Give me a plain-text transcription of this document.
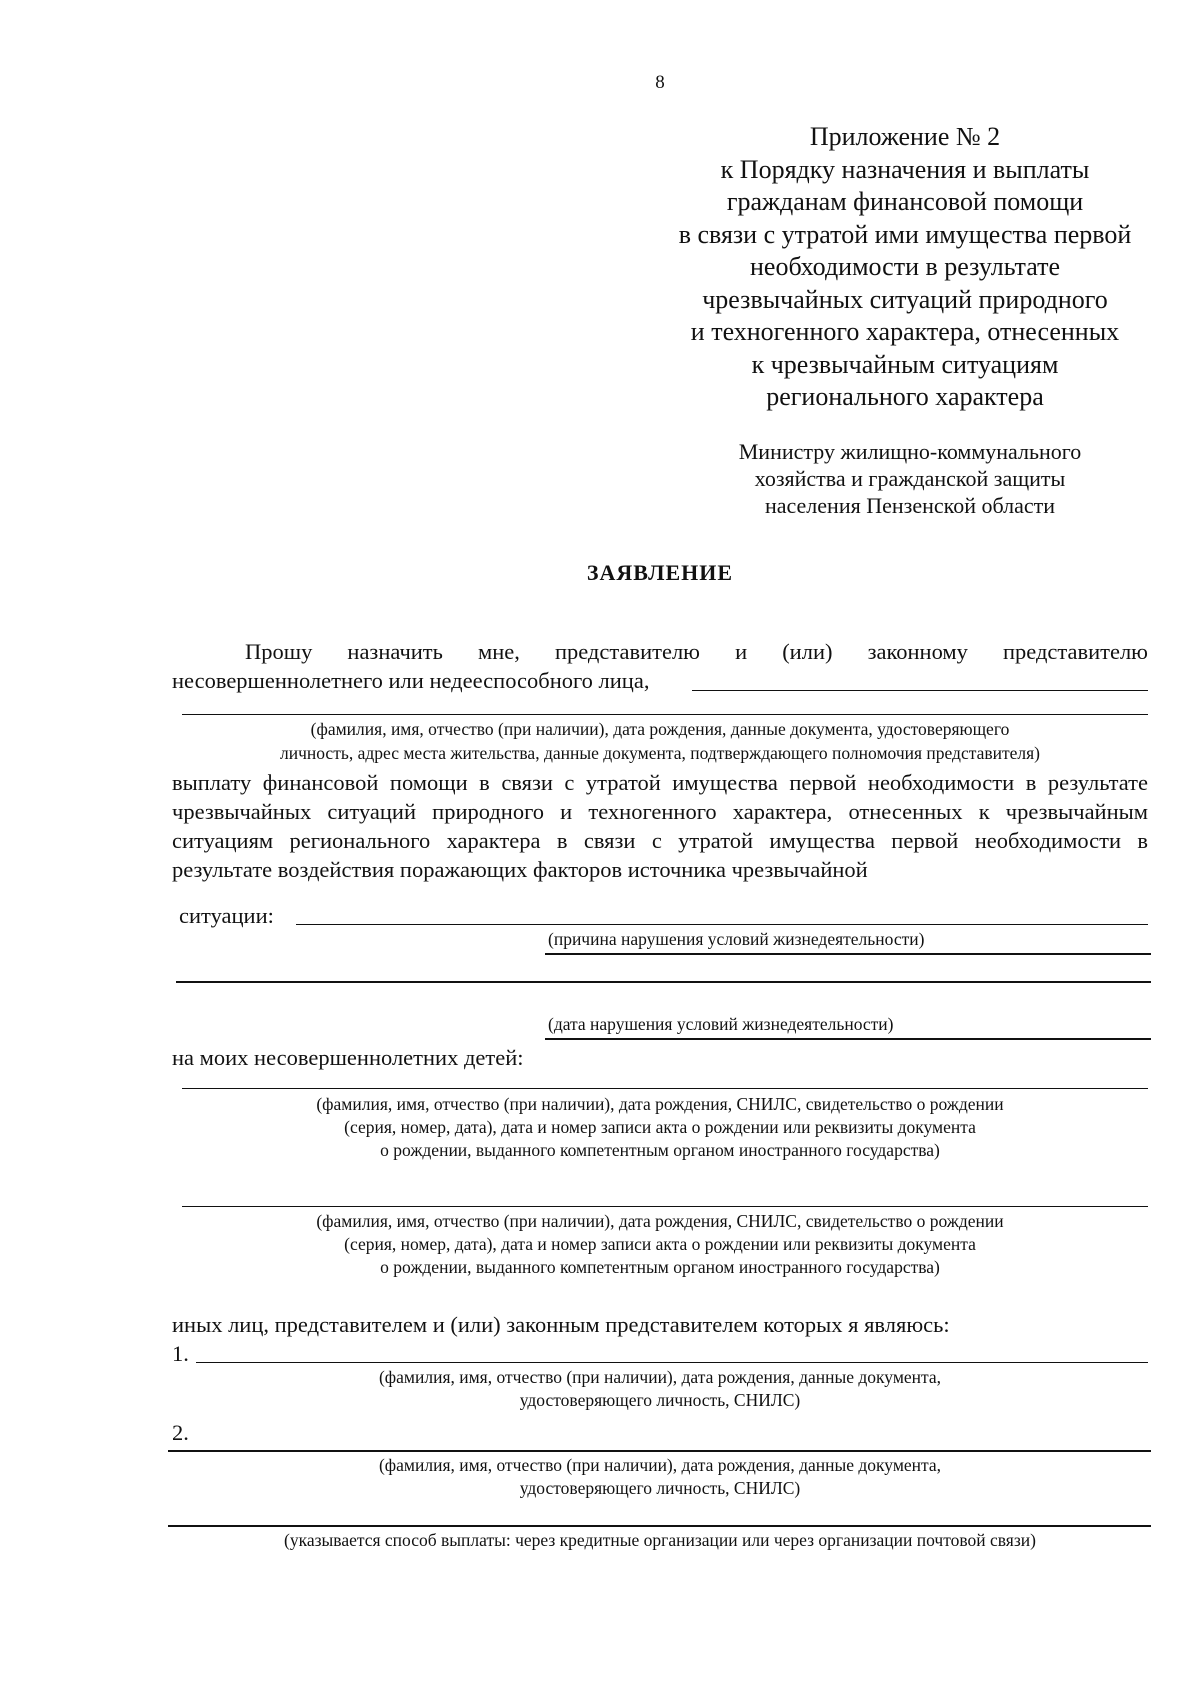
8
Приложение № 2
к Порядку назначения и выплаты
гражданам финансовой помощи
в связи с утратой ими имущества первой
необходимости в результате
чрезвычайных ситуаций природного
и техногенного характера, отнесенных
к чрезвычайным ситуациям
регионального характера
Министру жилищно-коммунального
хозяйства и гражданской защиты
населения Пензенской области
ЗАЯВЛЕНИЕ
Прошу назначить мне, представителю и (или) законному представителю
несовершеннолетнего или недееспособного лица,
(фамилия, имя, отчество (при наличии), дата рождения, данные документа, удостоверяющего
личность, адрес места жительства, данные документа, подтверждающего полномочия представителя)
выплату финансовой помощи в связи с утратой имущества первой необходимости в результате
чрезвычайных ситуаций природного и техногенного характера, отнесенных к чрезвычайным
ситуациям регионального характера в связи с утратой имущества первой необходимости в
результате воздействия поражающих факторов источника чрезвычайной
ситуации:
(причина нарушения условий жизнедеятельности)
(дата нарушения условий жизнедеятельности)
на моих несовершеннолетних детей:
(фамилия, имя, отчество (при наличии), дата рождения, СНИЛС, свидетельство о рождении
(серия, номер, дата), дата и номер записи акта о рождении или реквизиты документа
о рождении, выданного компетентным органом иностранного государства)
(фамилия, имя, отчество (при наличии), дата рождения, СНИЛС, свидетельство о рождении
(серия, номер, дата), дата и номер записи акта о рождении или реквизиты документа
о рождении, выданного компетентным органом иностранного государства)
иных лиц, представителем и (или) законным представителем которых я являюсь:
1.
(фамилия, имя, отчество (при наличии), дата рождения, данные документа,
удостоверяющего личность, СНИЛС)
2.
(фамилия, имя, отчество (при наличии), дата рождения, данные документа,
удостоверяющего личность, СНИЛС)
(указывается способ выплаты: через кредитные организации или через организации почтовой связи)
